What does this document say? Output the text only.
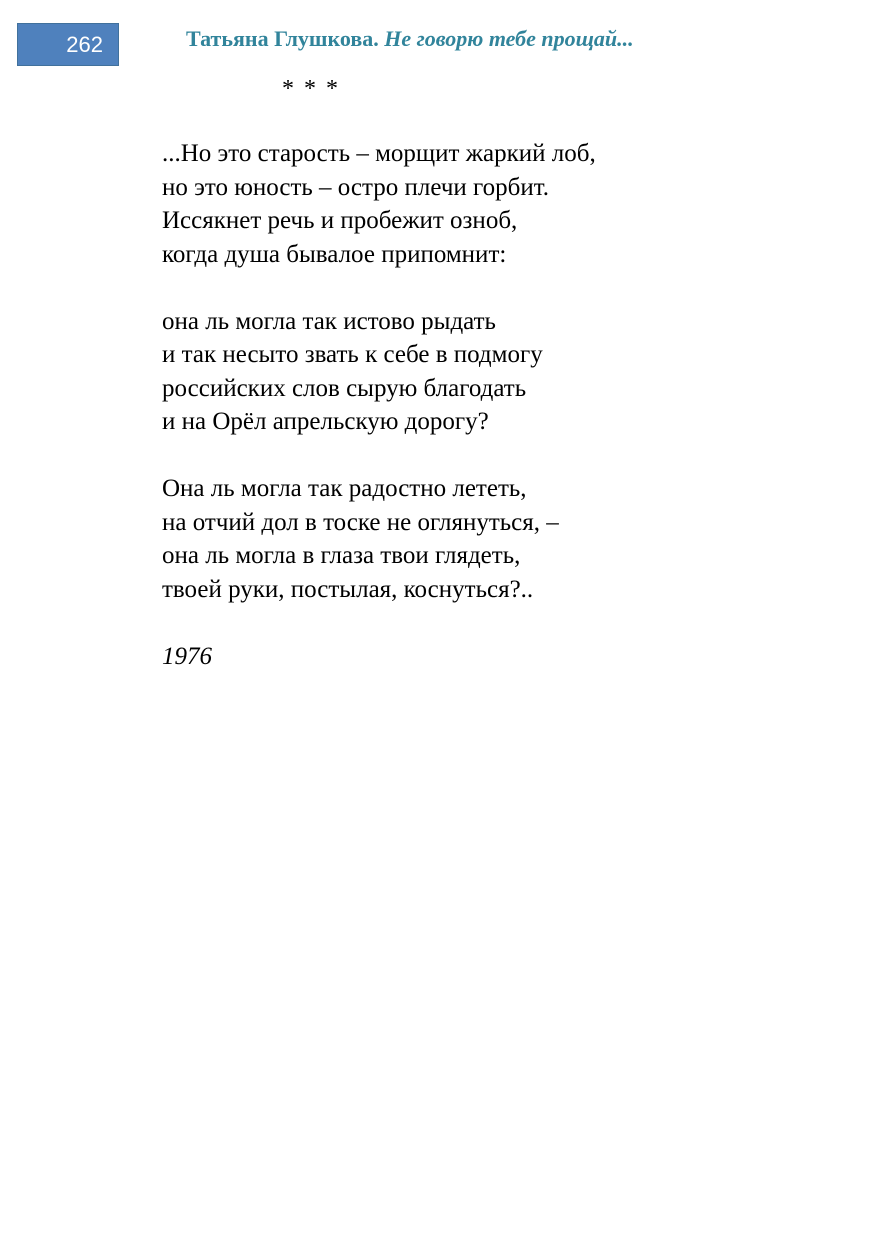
262	Татьяна Глушкова. Не говорю тебе прощай...
* * *
...Но это старость – морщит жаркий лоб,
но это юность – остро плечи горбит.
Иссякнет речь и пробежит озноб,
когда душа бывалое припомнит:
она ль могла так истово рыдать
и так несыто звать к себе в подмогу
российских слов сырую благодать
и на Орёл апрельскую дорогу?
Она ль могла так радостно лететь,
на отчий дол в тоске не оглянуться, –
она ль могла в глаза твои глядеть,
твоей руки, постылая, коснуться?..
1976
